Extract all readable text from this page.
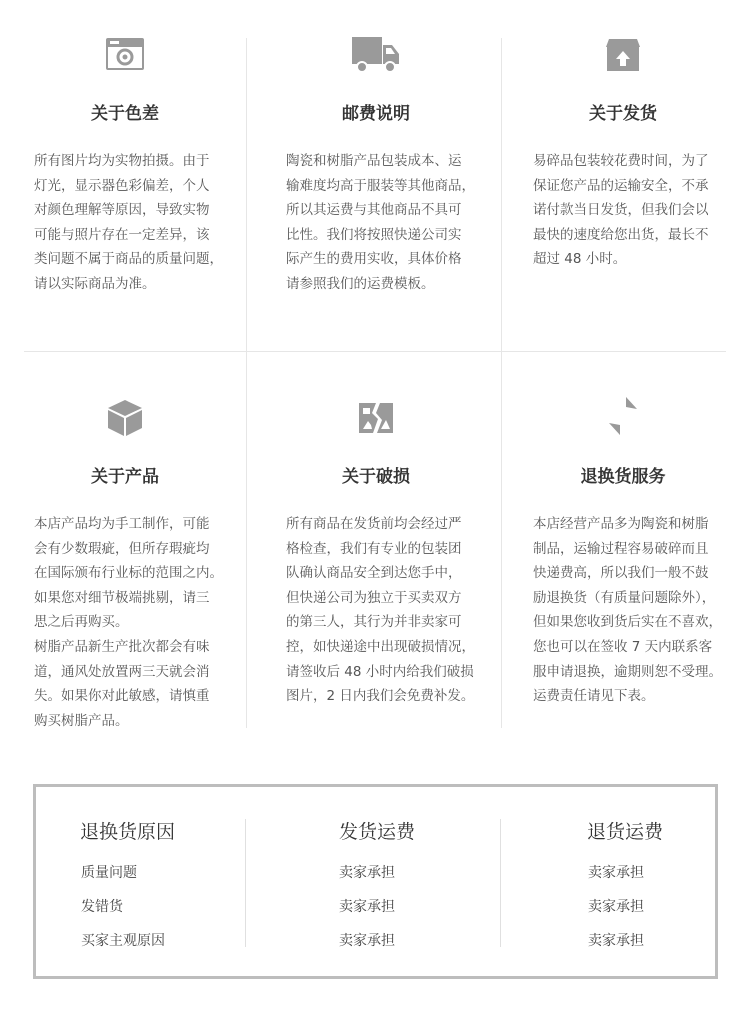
关于色差
所有图片均为实物拍摄。由于
灯光，显示器色彩偏差，个人
对颜色理解等原因，导致实物
可能与照片存在一定差异，该
类问题不属于商品的质量问题，
请以实际商品为准。
邮费说明
陶瓷和树脂产品包装成本、运
输难度均高于服装等其他商品，
所以其运费与其他商品不具可
比性。我们将按照快递公司实
际产生的费用实收，具体价格
请参照我们的运费模板。
关于发货
易碎品包装较花费时间，为了
保证您产品的运输安全，不承
诺付款当日发货，但我们会以
最快的速度给您出货，最长不
超过 48 小时。
关于产品
本店产品均为手工制作，可能
会有少数瑕疵，但所存瑕疵均
在国际颁布行业标的范围之内。
如果您对细节极端挑剔，请三
思之后再购买。
树脂产品新生产批次都会有味
道，通风处放置两三天就会消
失。如果你对此敏感，请慎重
购买树脂产品。
关于破损
所有商品在发货前均会经过严
格检查，我们有专业的包装团
队确认商品安全到达您手中，
但快递公司为独立于买卖双方
的第三人，其行为并非卖家可
控，如快递途中出现破损情况，
请签收后 48 小时内给我们破损
图片，2 日内我们会免费补发。
退换货服务
本店经营产品多为陶瓷和树脂
制品，运输过程容易破碎而且
快递费高，所以我们一般不鼓
励退换货（有质量问题除外），
但如果您收到货后实在不喜欢，
您也可以在签收 7 天内联系客
服申请退换，逾期则恕不受理。
运费责任请见下表。
退换货原因	发货运费	退货运费
质量问题	卖家承担	卖家承担
发错货	卖家承担	卖家承担
买家主观原因	卖家承担	卖家承担
